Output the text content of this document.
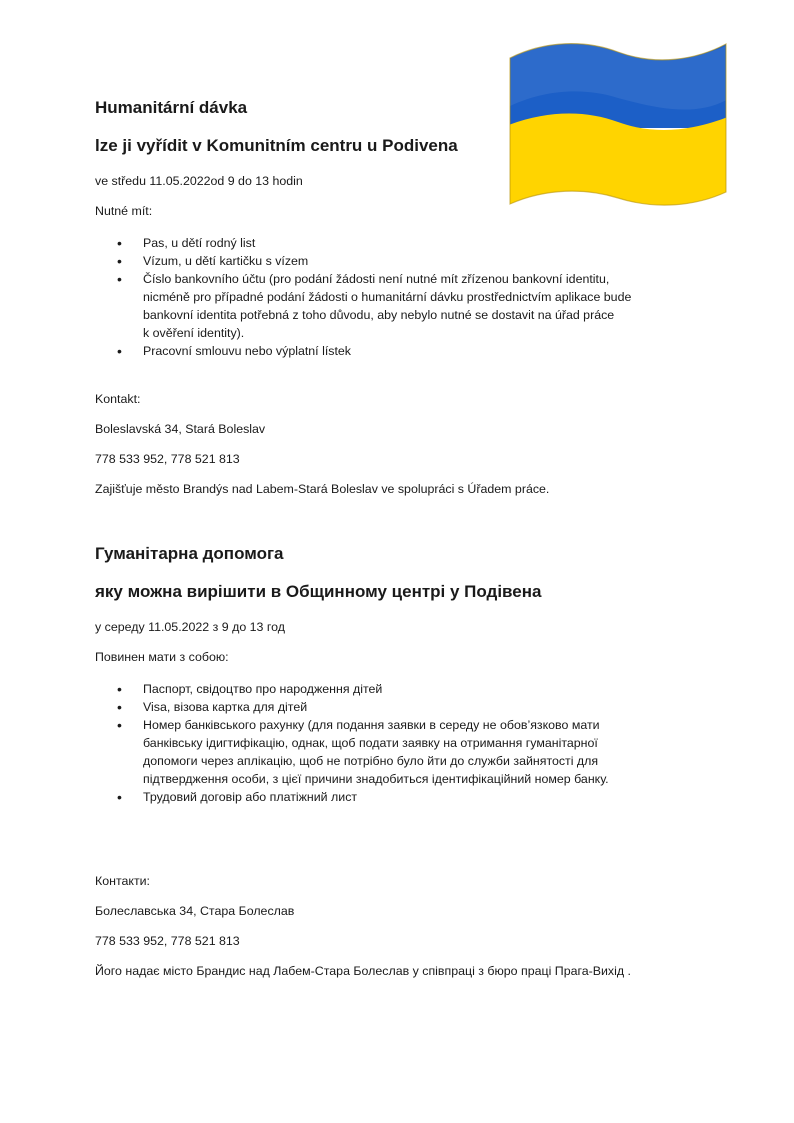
Humanitární dávka
lze ji vyřídit v Komunitním centru u Podivena

ve středu 11.05.2022od 9 do 13 hodin

Nutné mít:

• Pas, u dětí rodný list
• Vízum, u dětí kartičku s vízem
• Číslo bankovního účtu (pro podání žádosti není nutné mít zřízenou bankovní identitu,
nicméně pro případné podání žádosti o humanitární dávku prostřednictvím aplikace bude
bankovní identita potřebná z toho důvodu, aby nebylo nutné se dostavit na úřad práce
k ověření identity).
• Pracovní smlouvu nebo výplatní lístek

Kontakt:

Boleslavská 34, Stará Boleslav

778 533 952, 778 521 813

Zajišťuje město Brandýs nad Labem-Stará Boleslav ve spolupráci s Úřadem práce.

Гуманітарна допомога
яку можна вирішити в Общинному центрі у Подівена

у середу 11.05.2022 з 9 до 13 год

Повинен мати з собою:

• Паспорт, свідоцтво про народження дітей
• Visa, візова картка для дітей
• Номер банківського рахунку (для подання заявки в середу не обов’язково мати
банківську ідигтифікацію, однак, щоб подати заявку на отримання гуманітарної
допомоги через аплікацію, щоб не потрібно було йти до служби зайнятості для
підтвердження особи, з цієї причини знадобиться ідентифікаційний номер банку.
• Трудовий договір або платіжний лист

Контакти:

Болеславська 34, Стара Болеслав

778 533 952, 778 521 813

Його надає місто Брандис над Лабем-Стара Болеслав у співпраці з бюро праці Прага-Вихід .
